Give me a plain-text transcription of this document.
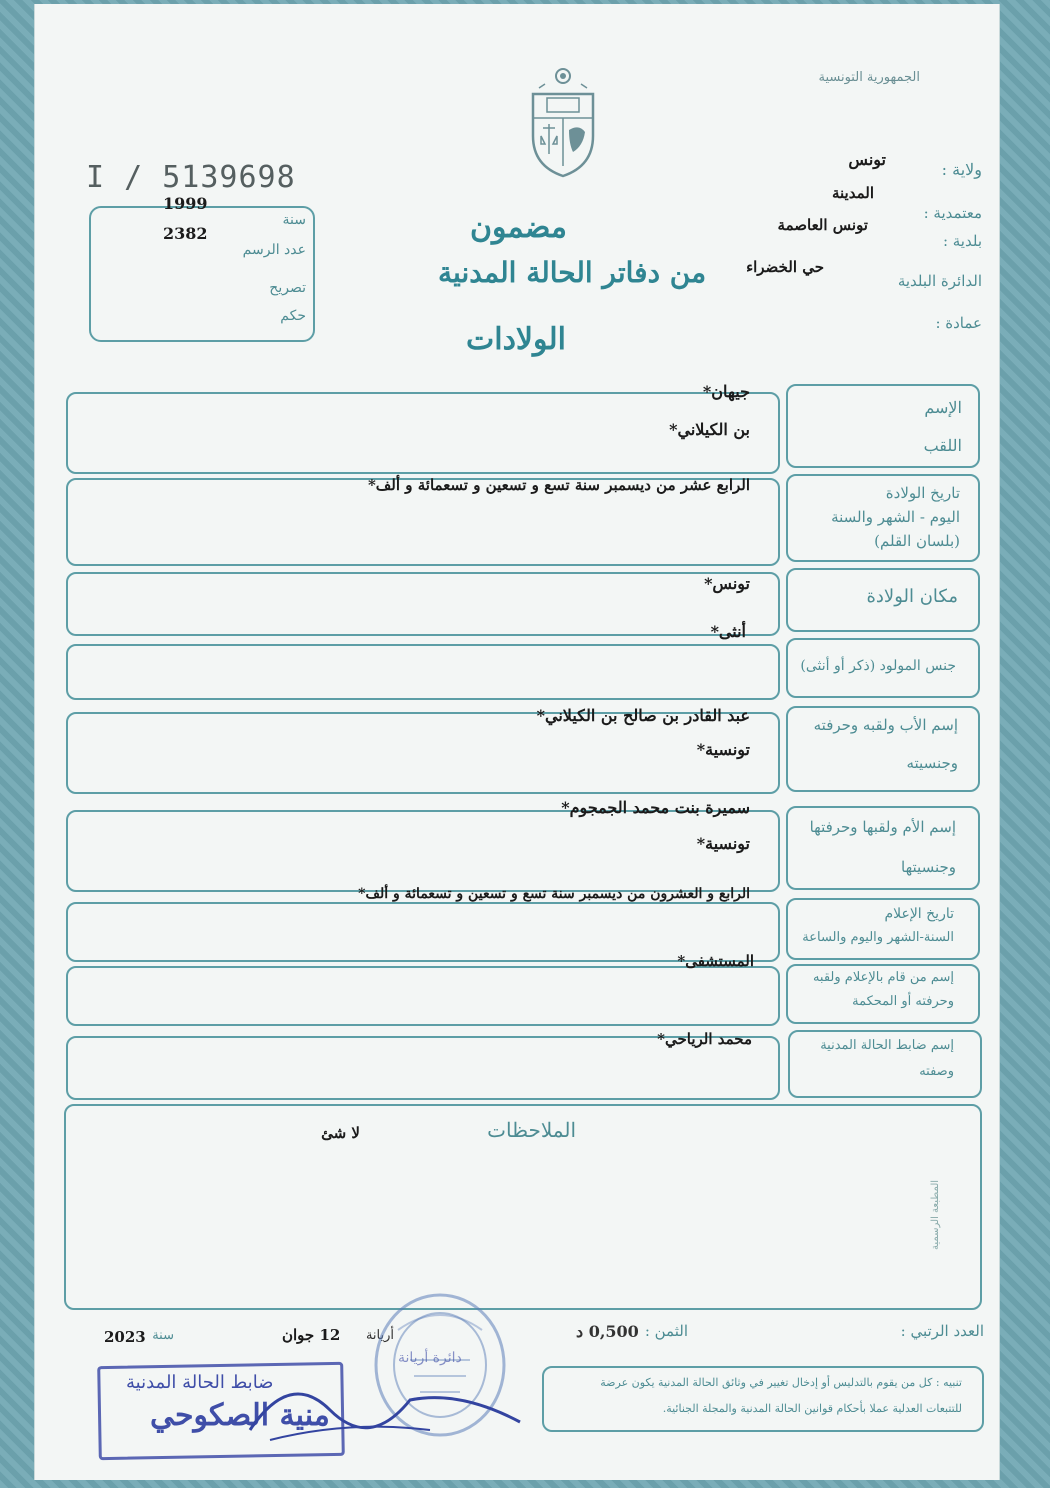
الجمهورية التونسية
I / 5139698
1999
2382
سنة
عدد الرسم
تصريح
حكم
مضمون
من دفاتر الحالة المدنية
الولادات
ولاية :
تونس
المدينة
معتمدية :
تونس العاصمة
بلدية :
حي الخضراء
الدائرة البلدية
عمادة :
الإسم
اللقب
جيهان*
بن الكيلاني*
تاريخ الولادة
اليوم - الشهر والسنة
(بلسان القلم)
الرابع عشر من ديسمبر سنة تسع و تسعين و تسعمائة و ألف*
مكان الولادة
تونس*
جنس المولود (ذكر أو أنثى)
أنثى*
إسم الأب ولقبه وحرفته
وجنسيته
عبد القادر بن صالح بن الكيلاني*
تونسية*
إسم الأم ولقبها وحرفتها
وجنسيتها
سميرة بنت محمد الجمجوم*
تونسية*
تاريخ الإعلام
السنة-الشهر واليوم والساعة
الرابع و العشرون من ديسمبر سنة تسع و تسعين و تسعمائة و ألف*
إسم من قام بالإعلام ولقبه
وحرفته أو المحكمة
المستشفى*
إسم ضابط الحالة المدنية
وصفته
محمد الرياحي*
الملاحظات
لا شئ
المطبعة الرسمية
العدد الرتبي :
الثمن :
0,500 د
أريانة
12 جوان
2023 سنة
تنبيه : كل من يقوم بالتدليس أو إدخال تغيير في وثائق الحالة المدنية يكون عرضة
للتتبعات العدلية عملا بأحكام قوانين الحالة المدنية والمجلة الجنائية.
دائرة أريانة
ضابط الحالة المدنية
منية الصكوحي
